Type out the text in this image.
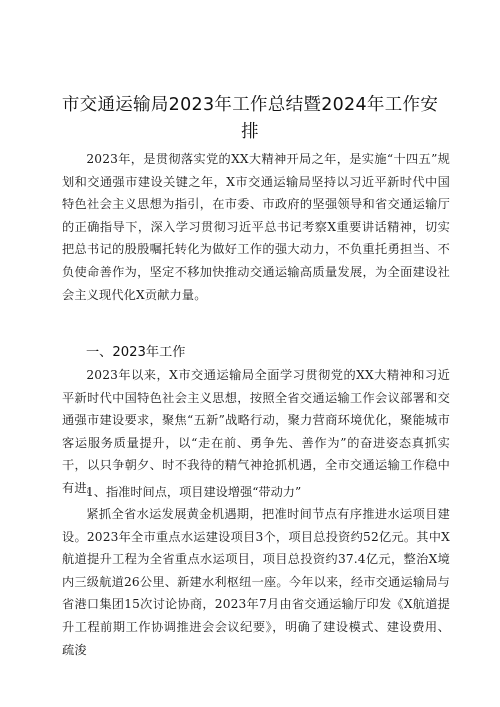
市交通运输局2023年工作总结暨2024年工作安排

2023年，是贯彻落实党的XX大精神开局之年，是实施“十四五”规划和交通强市建设关键之年，X市交通运输局坚持以习近平新时代中国特色社会主义思想为指引，在市委、市政府的坚强领导和省交通运输厅的正确指导下，深入学习贯彻习近平总书记考察X重要讲话精神，切实把总书记的殷殷嘱托转化为做好工作的强大动力，不负重托勇担当、不负使命善作为，坚定不移加快推动交通运输高质量发展，为全面建设社会主义现代化X贡献力量。

一、2023年工作

2023年以来，X市交通运输局全面学习贯彻党的XX大精神和习近平新时代中国特色社会主义思想，按照全省交通运输工作会议部署和交通强市建设要求，聚焦“五新”战略行动，聚力营商环境优化，聚能城市客运服务质量提升，以“走在前、勇争先、善作为”的奋进姿态真抓实干，以只争朝夕、时不我待的精气神抢抓机遇，全市交通运输工作稳中有进。

1、指准时间点，项目建设增强“带动力”

紧抓全省水运发展黄金机遇期，把准时间节点有序推进水运项目建设。2023年全市重点水运建设项目3个，项目总投资约52亿元。其中X航道提升工程为全省重点水运项目，项目总投资约37.4亿元，整治X境内三级航道26公里、新建水利枢纽一座。今年以来，经市交通运输局与省港口集团15次讨论协商，2023年7月由省交通运输厅印发《X航道提升工程前期工作协调推进会会议纪要》，明确了建设模式、建设费用、疏浚
